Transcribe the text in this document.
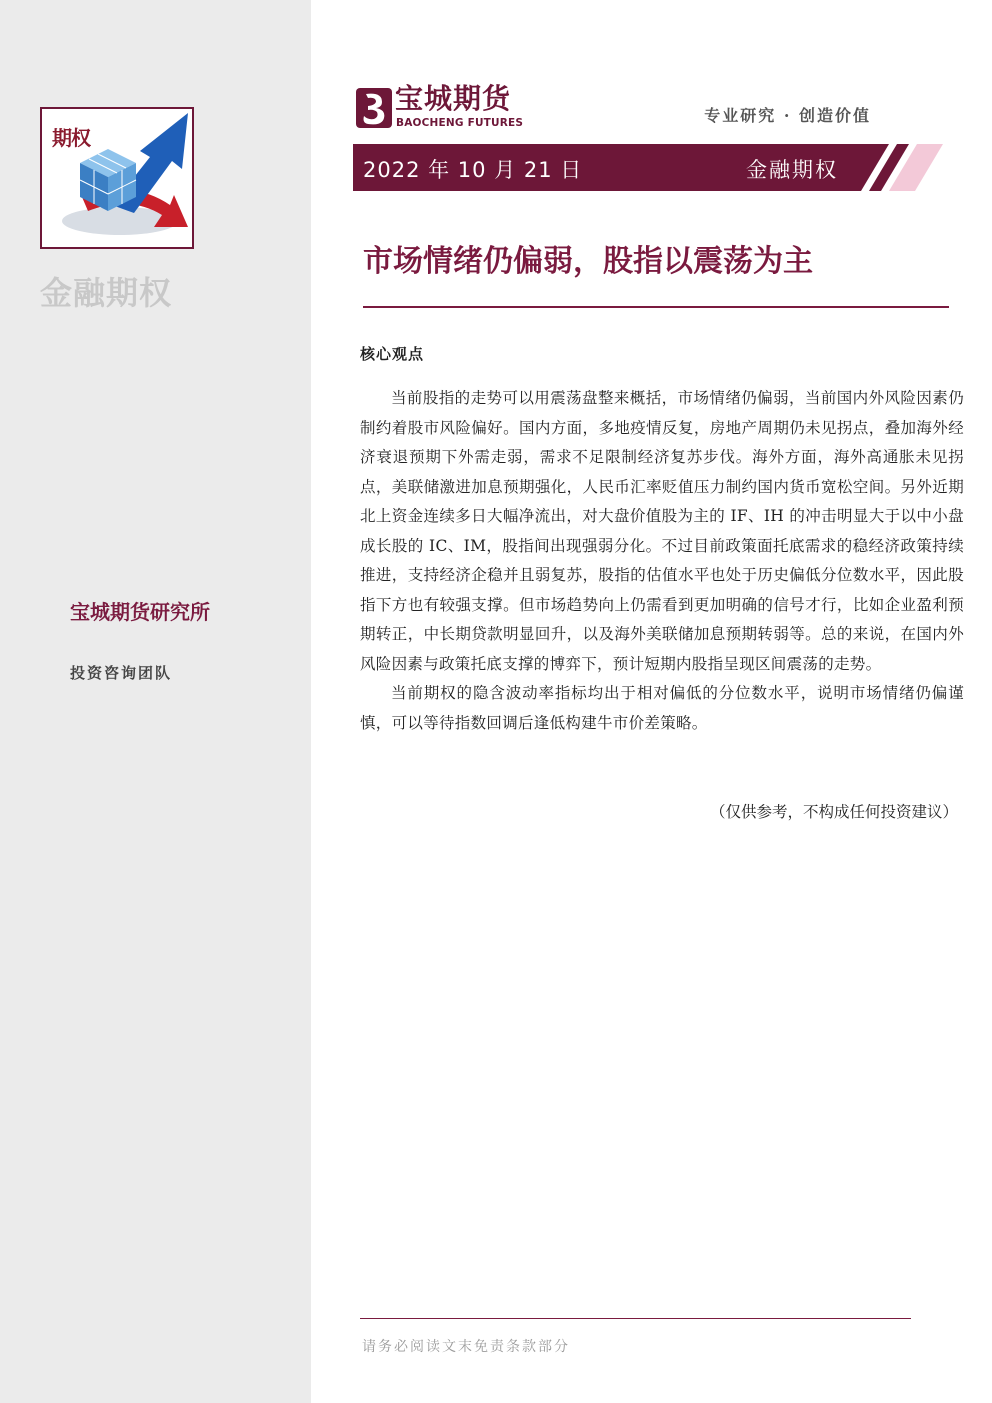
期权
金融期权
宝城期货研究所
投资咨询团队
宝城期货
BAOCHENG FUTURES	专业研究 · 创造价值
2022 年 10 月 21 日	金融期权
市场情绪仍偏弱，股指以震荡为主
核心观点

当前股指的走势可以用震荡盘整来概括，市场情绪仍偏弱，当前国内外风险因素仍制约着股市风险偏好。国内方面，多地疫情反复，房地产周期仍未见拐点，叠加海外经济衰退预期下外需走弱，需求不足限制经济复苏步伐。海外方面，海外高通胀未见拐点，美联储激进加息预期强化，人民币汇率贬值压力制约国内货币宽松空间。另外近期北上资金连续多日大幅净流出，对大盘价值股为主的 IF、IH 的冲击明显大于以中小盘成长股的 IC、IM，股指间出现强弱分化。不过目前政策面托底需求的稳经济政策持续推进，支持经济企稳并且弱复苏，股指的估值水平也处于历史偏低分位数水平，因此股指下方也有较强支撑。但市场趋势向上仍需看到更加明确的信号才行，比如企业盈利预期转正，中长期贷款明显回升，以及海外美联储加息预期转弱等。总的来说，在国内外风险因素与政策托底支撑的博弈下，预计短期内股指呈现区间震荡的走势。

当前期权的隐含波动率指标均出于相对偏低的分位数水平，说明市场情绪仍偏谨慎，可以等待指数回调后逢低构建牛市价差策略。

（仅供参考，不构成任何投资建议）
请务必阅读文末免责条款部分
